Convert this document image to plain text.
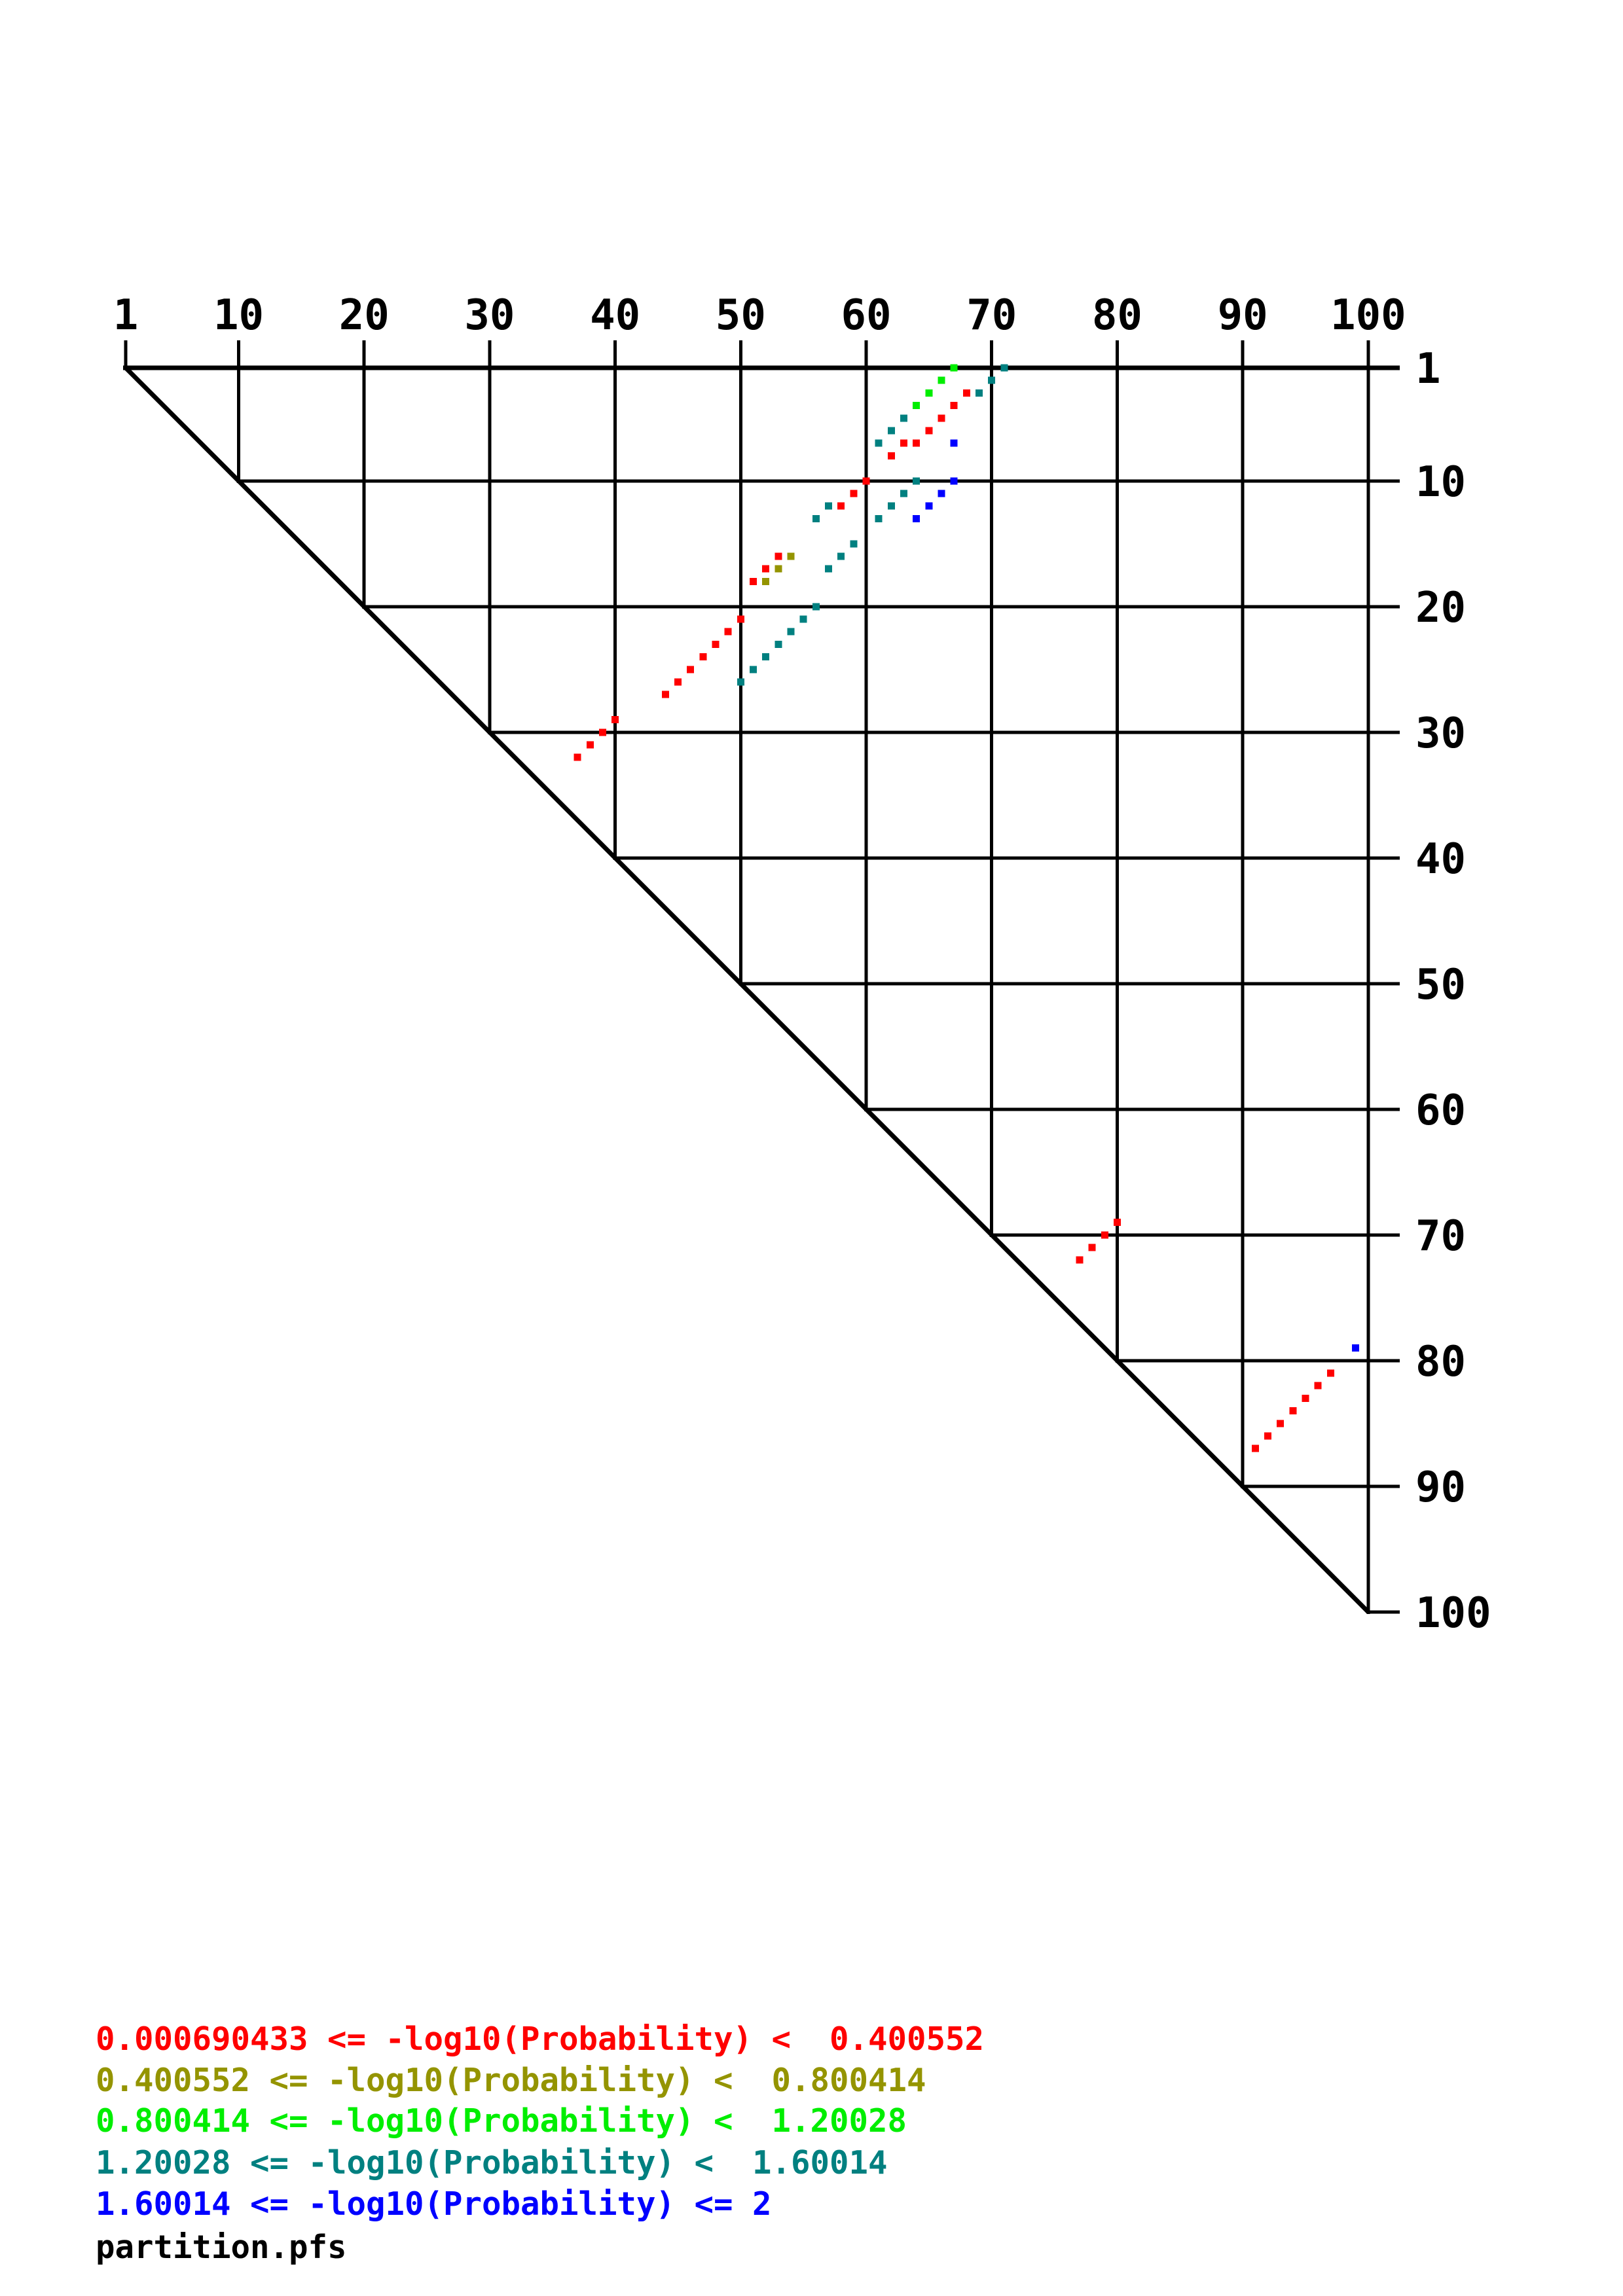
1 10 20 30 40 50 60 70 80 90 100
1
10
20
30
40
50
60
70
80
90
100
0.000690433 <= -log10(Probability) <  0.400552
0.400552 <= -log10(Probability) <  0.800414
0.800414 <= -log10(Probability) <  1.20028
1.20028 <= -log10(Probability) <  1.60014
1.60014 <= -log10(Probability) <= 2
partition.pfs
